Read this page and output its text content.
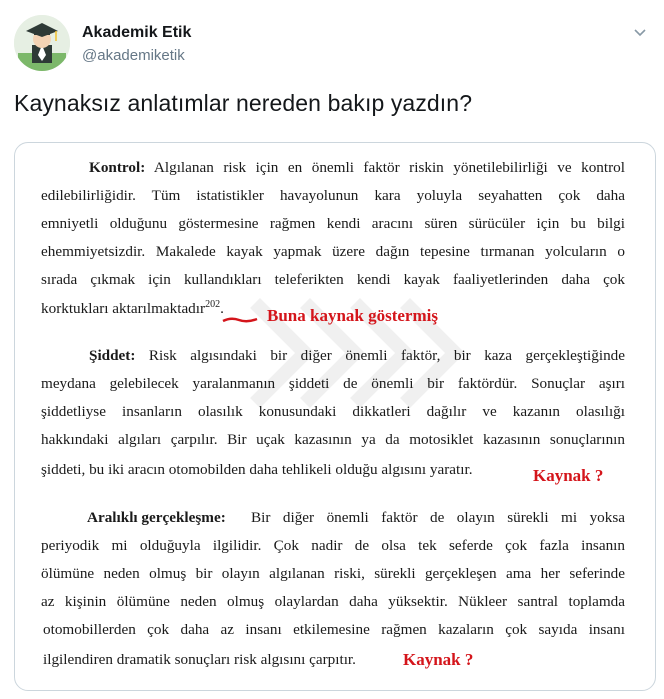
Akademik Etik
@akademiketik
Kaynaksız anlatımlar nereden bakıp yazdın?
Kontrol: Algılanan risk için en önemli faktör riskin yönetilebilirliği ve kontrol
edilebilirliğidir. Tüm istatistikler havayolunun kara yoluyla seyahatten çok daha
emniyetli olduğunu göstermesine rağmen kendi aracını süren sürücüler için bu bilgi
ehemmiyetsizdir. Makalede kayak yapmak üzere dağın tepesine tırmanan yolcuların o
sırada çıkmak için kullandıkları teleferikten kendi kayak faaliyetlerinden daha çok
korktukları aktarılmaktadır$^{202}$.	Buna kaynak göstermiş
Şiddet: Risk algısındaki bir diğer önemli faktör, bir kaza gerçekleştiğinde
meydana gelebilecek yaralanmanın şiddeti de önemli bir faktördür. Sonuçlar aşırı
şiddetliyse insanların olasılık konusundaki dikkatleri dağılır ve kazanın olasılığı
hakkındaki algıları çarpılır. Bir uçak kazasının ya da motosiklet kazasının sonuçlarının
şiddeti, bu iki aracın otomobilden daha tehlikeli olduğu algısını yaratır.	Kaynak ?
Aralıklı gerçekleşme: Bir diğer önemli faktör de olayın sürekli mi yoksa
periyodik mi olduğuyla ilgilidir. Çok nadir de olsa tek seferde çok fazla insanın
ölümüne neden olmuş bir olayın algılanan riski, sürekli gerçekleşen ama her seferinde
az kişinin ölümüne neden olmuş olaylardan daha yüksektir. Nükleer santral toplamda
otomobillerden çok daha az insanı etkilemesine rağmen kazaların çok sayıda insanı
ilgilendiren dramatik sonuçları risk algısını çarpıtır.	Kaynak ?
